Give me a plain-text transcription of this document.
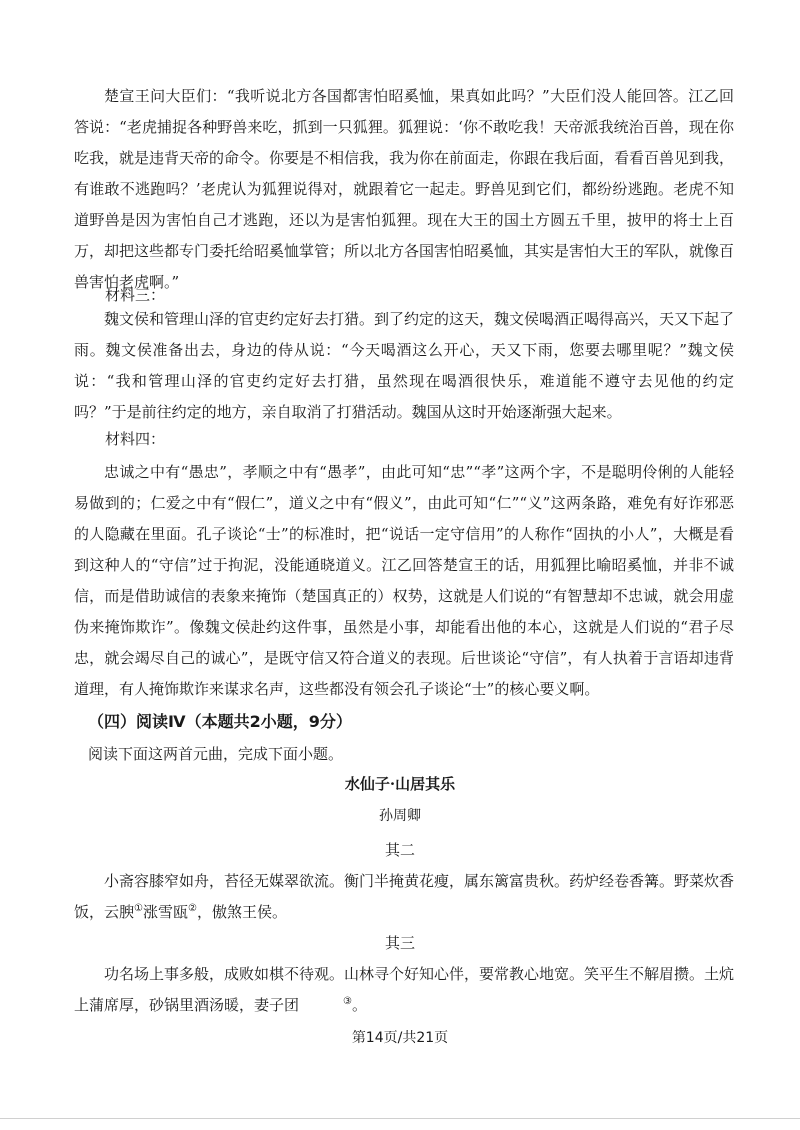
楚宣王问大臣们：“我听说北方各国都害怕昭奚恤，果真如此吗？”大臣们没人能回答。江乙回答说：“老虎捕捉各种野兽来吃，抓到一只狐狸。狐狸说：‘你不敢吃我！天帝派我统治百兽，现在你吃我，就是违背天帝的命令。你要是不相信我，我为你在前面走，你跟在我后面，看看百兽见到我，有谁敢不逃跑吗？’老虎认为狐狸说得对，就跟着它一起走。野兽见到它们，都纷纷逃跑。老虎不知道野兽是因为害怕自己才逃跑，还以为是害怕狐狸。现在大王的国土方圆五千里，披甲的将士上百万，却把这些都专门委托给昭奚恤掌管；所以北方各国害怕昭奚恤，其实是害怕大王的军队，就像百兽害怕老虎啊。”

材料三：

魏文侯和管理山泽的官吏约定好去打猎。到了约定的这天，魏文侯喝酒正喝得高兴，天又下起了雨。魏文侯准备出去，身边的侍从说：“今天喝酒这么开心，天又下雨，您要去哪里呢？”魏文侯说：“我和管理山泽的官吏约定好去打猎，虽然现在喝酒很快乐，难道能不遵守去见他的约定吗？”于是前往约定的地方，亲自取消了打猎活动。魏国从这时开始逐渐强大起来。

材料四：

忠诚之中有“愚忠”，孝顺之中有“愚孝”，由此可知“忠”“孝”这两个字，不是聪明伶俐的人能轻易做到的；仁爱之中有“假仁”，道义之中有“假义”，由此可知“仁”“义”这两条路，难免有好诈邪恶的人隐藏在里面。孔子谈论“士”的标准时，把“说话一定守信用”的人称作“固执的小人”，大概是看到这种人的“守信”过于拘泥，没能通晓道义。江乙回答楚宣王的话，用狐狸比喻昭奚恤，并非不诚信，而是借助诚信的表象来掩饰（楚国真正的）权势，这就是人们说的“有智慧却不忠诚，就会用虚伪来掩饰欺诈”。像魏文侯赴约这件事，虽然是小事，却能看出他的本心，这就是人们说的“君子尽忠，就会竭尽自己的诚心”，是既守信又符合道义的表现。后世谈论“守信”，有人执着于言语却违背道理，有人掩饰欺诈来谋求名声，这些都没有领会孔子谈论“士”的核心要义啊。

（四）阅读Ⅳ（本题共2小题，9分）

阅读下面这两首元曲，完成下面小题。

水仙子·山居其乐

孙周卿

其二

小斋容膝窄如舟，苔径无媒翠欲流。衡门半掩黄花瘦，属东篱富贵秋。药炉经卷香篝。野菜炊香饭，云腴①涨雪瓯②，傲煞王侯。

其三

功名场上事多般，成败如棋不待观。山林寻个好知心伴，要常教心地宽。笑平生不解眉攒。土炕上蒲席厚，砂锅里酒汤暖，妻子团	③。

第14页/共21页
